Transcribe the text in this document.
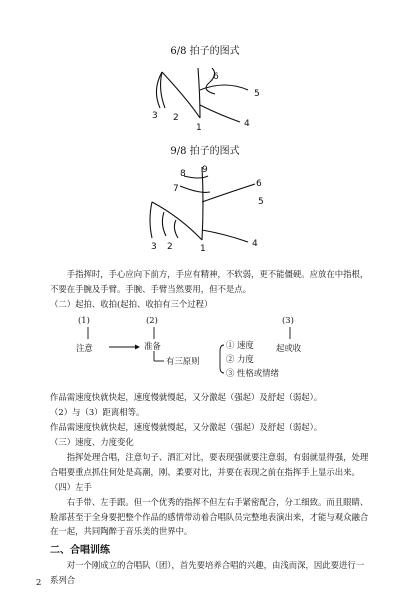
6/8 拍子的图式
1
2
3
4
5
6
9/8 拍子的图式
1
2
3	4
5
6
7
8 9
手指挥时，手心应向下前方，手应有精神，不软弱，更不能僵硬。应放在中指根，不要在手腕及手臂。手腕、手臂当然要用，但不是点。
（二）起拍、收拍(起拍、收拍有三个过程）
(1)	(2)	(3)
注意	准备	起或收
有三原则
① 速度
② 力度
③ 性格或情绪
作品需速度快就快起，速度慢就慢起，又分激起（强起）及舒起（弱起）。
（2）与（3）距离相等。
作品需速度快就快起，速度慢就慢起，又分激起（强起）及舒起（弱起）。
（三）速度、力度变化
指挥处理合唱，注意句子、洒汇对比，要表现强就要注意弱，有弱就显得强，处理合唱要重点抓住何处是高潮，刚、柔要对比，并要在表现之前在指挥手上显示出来。
（四）左手
右手带、左手跟。但一个优秀的指挥不但左右手紧密配合，分工细致。而且眼睛、脸部甚至于全身要把整个作品的感情带动着合唱队员完整地表演出来，才能与观众融合在一起，共同陶醉于音乐美的世界中。
二、合唱训练
对一个刚成立的合唱队（团），首先要培养合唱的兴趣，由浅而深，因此要进行一系列合
2
